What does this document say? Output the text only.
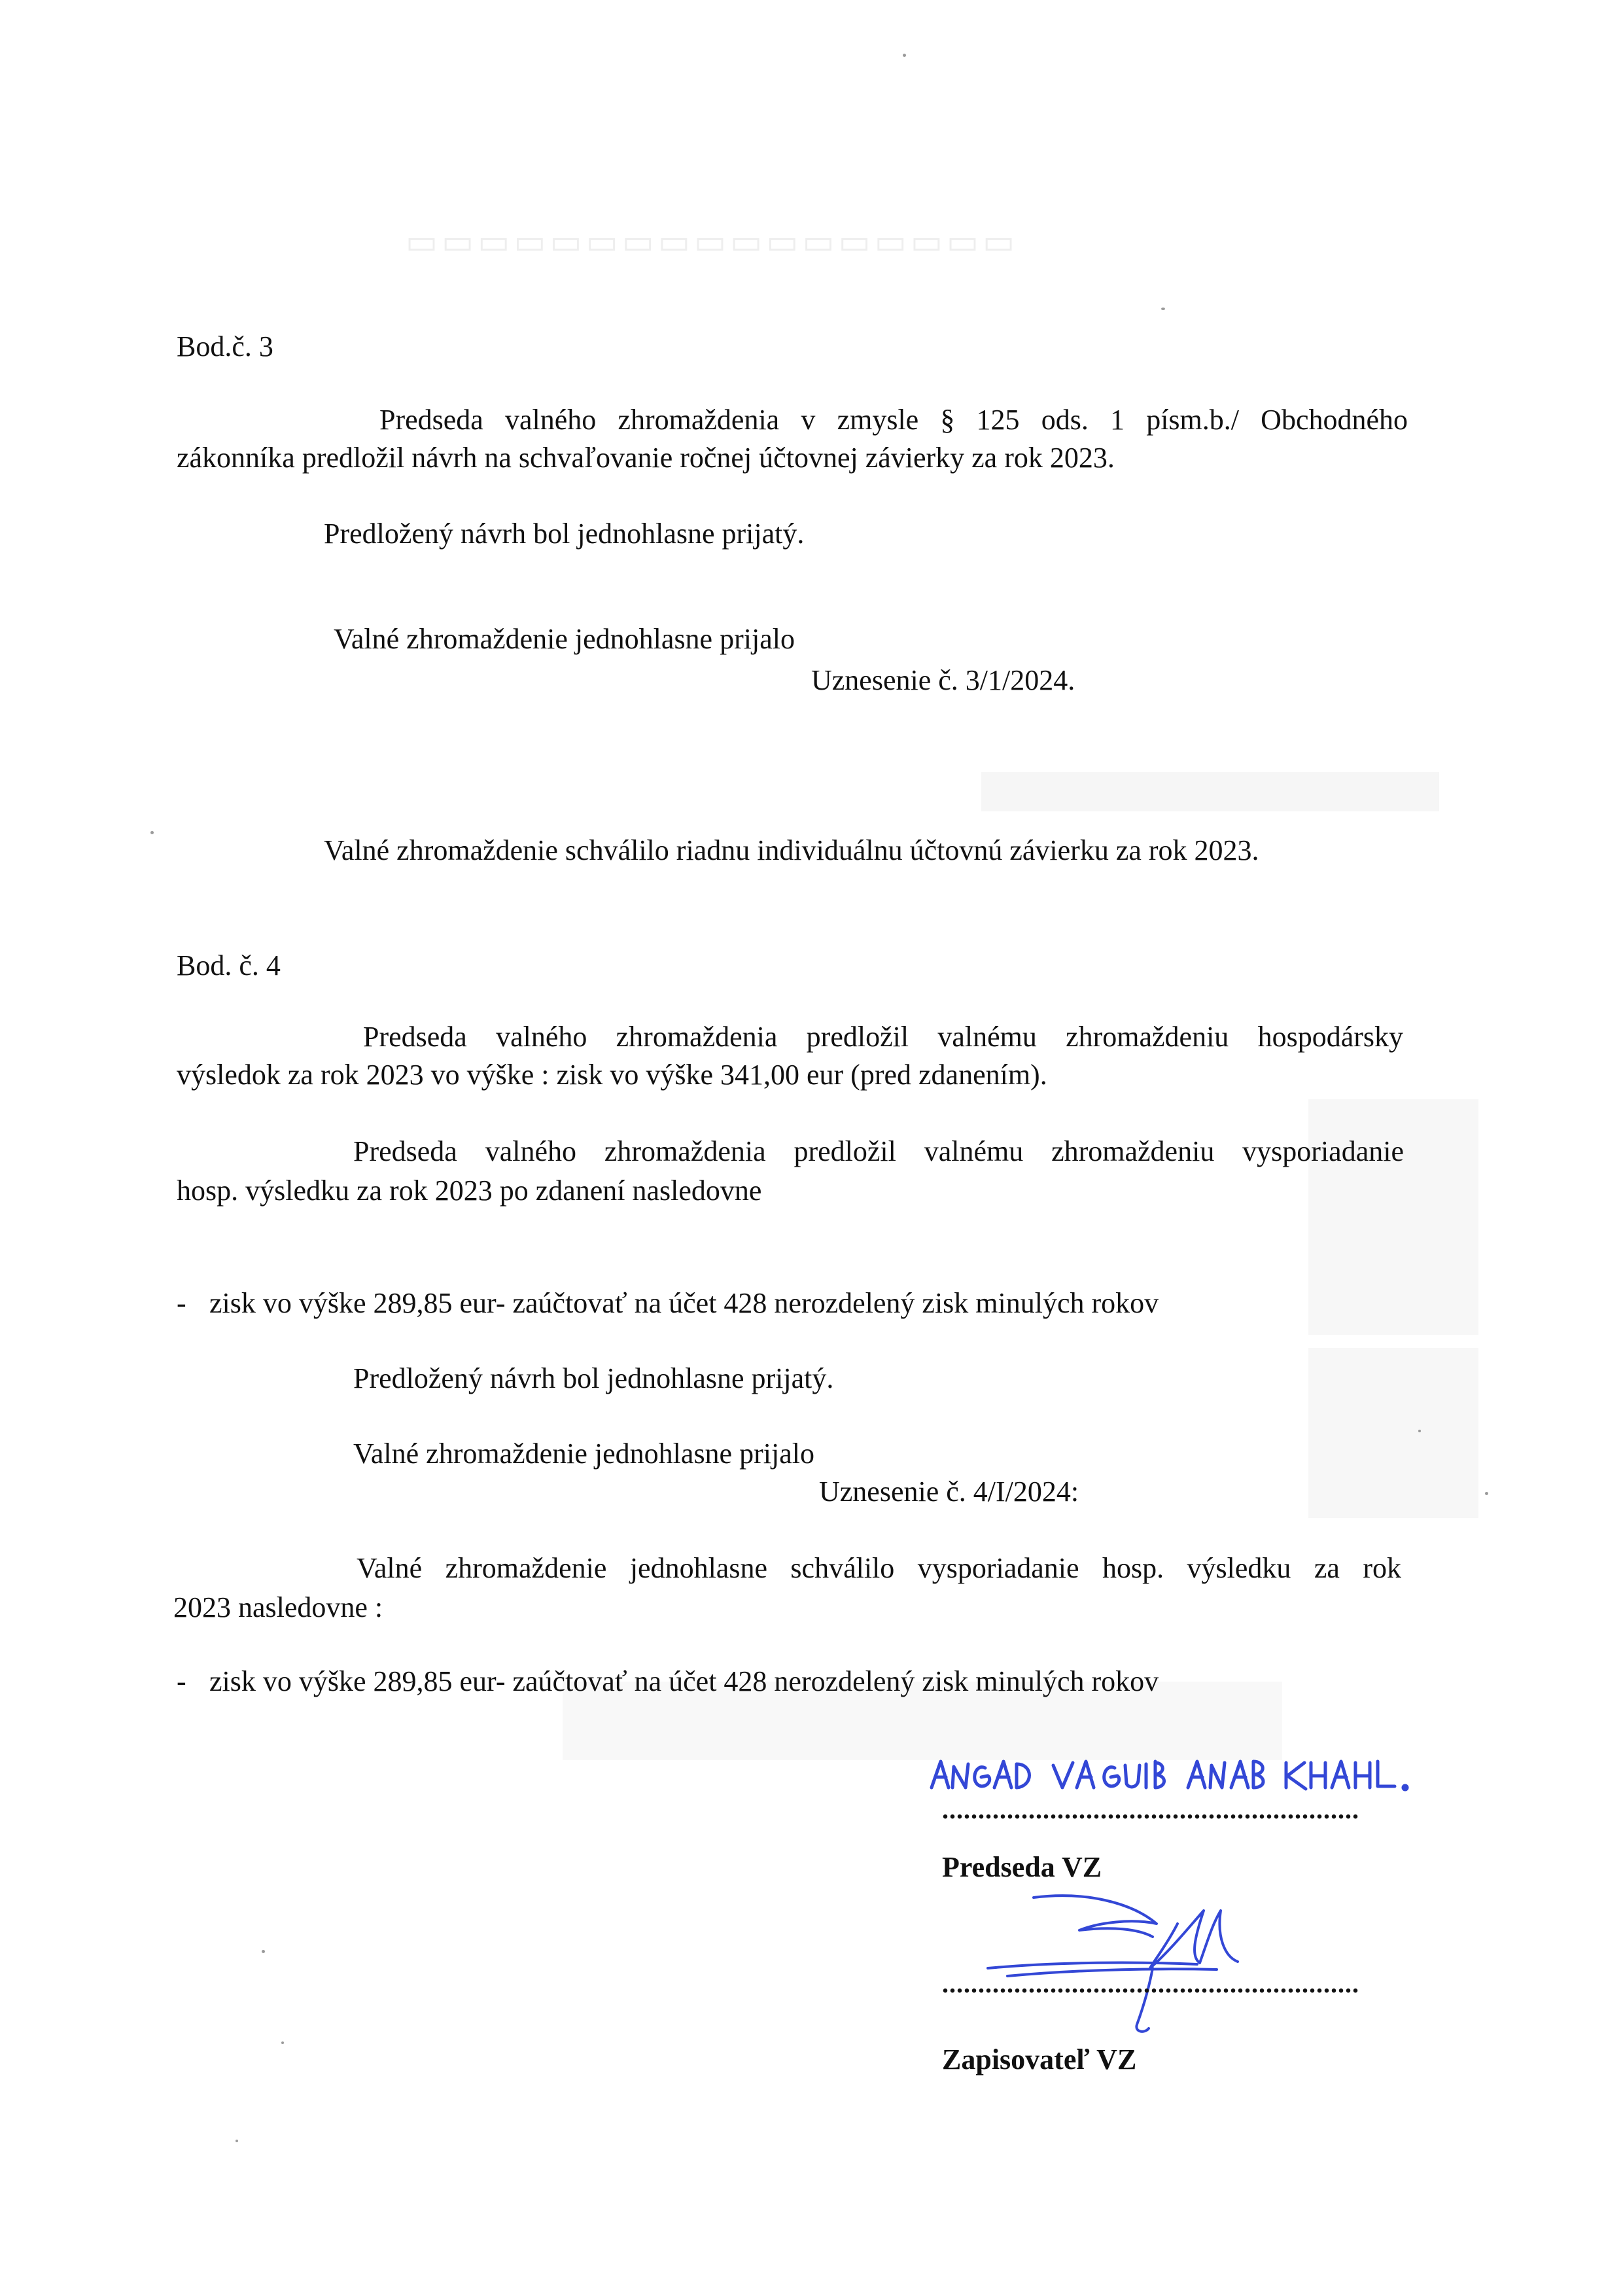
▭▭▭▭▭▭▭▭▭▭▭▭▭▭▭▭▭
Bod.č. 3
Predseda valného zhromaždenia v zmysle § 125 ods. 1 písm.b./ Obchodného
zákonníka predložil návrh na schvaľovanie ročnej účtovnej závierky za rok 2023.
Predložený návrh bol jednohlasne prijatý.
Valné zhromaždenie jednohlasne prijalo
Uznesenie č. 3/1/2024.
Valné zhromaždenie schválilo riadnu individuálnu účtovnú závierku za rok 2023.
Bod. č. 4
Predseda valného zhromaždenia predložil valnému zhromaždeniu hospodársky
výsledok za rok 2023 vo výške : zisk vo výške 341,00 eur (pred zdanením).
Predseda valného zhromaždenia predložil valnému zhromaždeniu vysporiadanie
hosp. výsledku za rok 2023 po zdanení nasledovne
- zisk vo výške 289,85 eur- zaúčtovať na účet 428 nerozdelený zisk minulých rokov
Predložený návrh bol jednohlasne prijatý.
Valné zhromaždenie jednohlasne prijalo
Uznesenie č. 4/I/2024:
Valné zhromaždenie jednohlasne schválilo vysporiadanie hosp. výsledku za rok
2023 nasledovne :
- zisk vo výške 289,85 eur- zaúčtovať na účet 428 nerozdelený zisk minulých rokov
..........................................................
Predseda VZ
..........................................................
Zapisovateľ VZ
